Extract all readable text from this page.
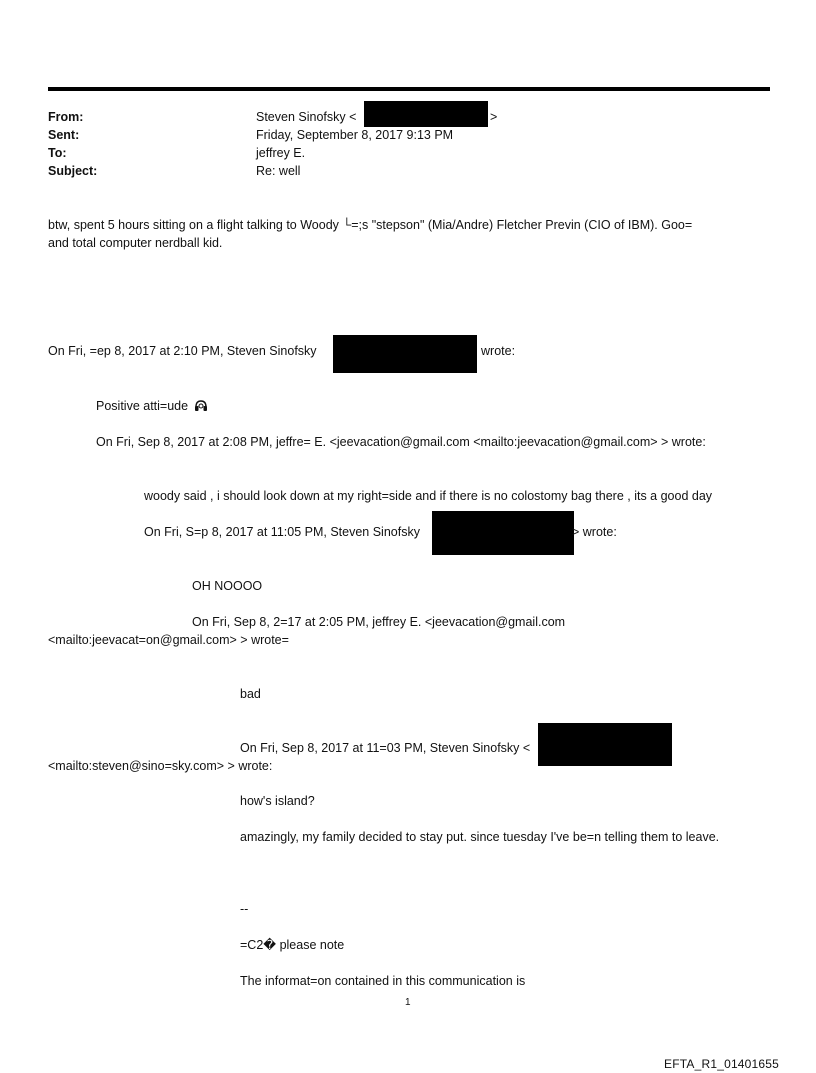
From:	Steven Sinofsky <	>
Sent:	Friday, September 8, 2017 9:13 PM
To:	jeffrey E.
Subject:	Re: well
btw, spent 5 hours sitting on a flight talking to Woody └=;s "stepson" (Mia/Andre) Fletcher Previn (CIO of IBM). Goo=
and total computer nerdball kid.
On Fri, =ep 8, 2017 at 2:10 PM, Steven Sinofsky	wrote:
Positive atti=ude
On Fri, Sep 8, 2017 at 2:08 PM, jeffre= E. <jeevacation@gmail.com <mailto:jeevacation@gmail.com> > wrote:
woody said , i should look down at my right=side and if there is no colostomy bag there , its a good day
On Fri, S=p 8, 2017 at 11:05 PM, Steven Sinofsky	> wrote:
OH NOOOO
On Fri, Sep 8, 2=17 at 2:05 PM, jeffrey E. <jeevacation@gmail.com
<mailto:jeevacat=on@gmail.com> > wrote=
bad
On Fri, Sep 8, 2017 at 11=03 PM, Steven Sinofsky <
<mailto:steven@sino=sky.com> > wrote:
how's island?
amazingly, my family decided to stay put. since tuesday I've be=n telling them to leave.
--
=C2� please note
The informat=on contained in this communication is
1
EFTA_R1_01401655
